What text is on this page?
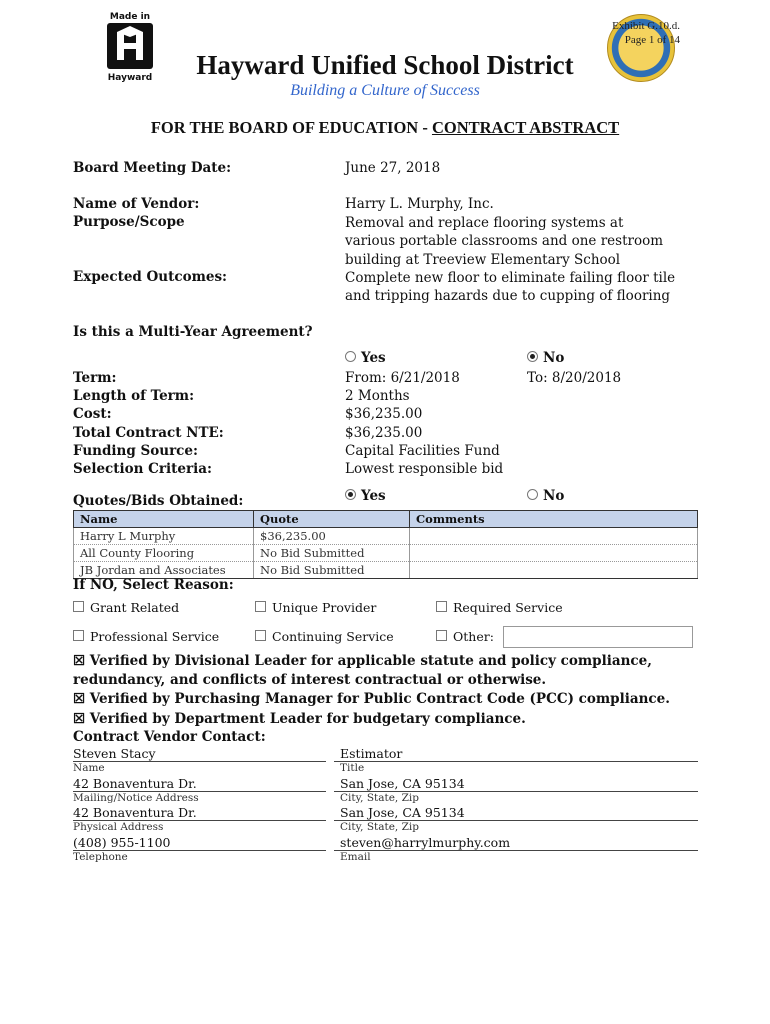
Made in
Hayward
Exhibit G.10.d.
Page 1 of 14
Hayward Unified School District
Building a Culture of Success
FOR THE BOARD OF EDUCATION - CONTRACT ABSTRACT
Board Meeting Date:	June 27, 2018
Name of Vendor:	Harry L. Murphy, Inc.
Purpose/Scope	Removal and replace flooring systems at
various portable classrooms and one restroom
building at Treeview Elementary School
Expected Outcomes:	Complete new floor to eliminate failing floor tile
and tripping hazards due to cupping of flooring
Is this a Multi-Year Agreement?
Yes	No
Term:	From: 6/21/2018	To: 8/20/2018
Length of Term:	2 Months
Cost:	$36,235.00
Total Contract NTE:	$36,235.00
Funding Source:	Capital Facilities Fund
Selection Criteria:	Lowest responsible bid
Yes	No
Quotes/Bids Obtained:
Name	Quote	Comments
Harry L Murphy	$36,235.00	
All County Flooring	No Bid Submitted	
JB Jordan and Associates	No Bid Submitted	
If NO, Select Reason:
Grant Related	Unique Provider	Required Service
Professional Service	Continuing Service	Other:
☒ Verified by Divisional Leader for applicable statute and policy compliance,
redundancy, and conflicts of interest contractual or otherwise.
☒ Verified by Purchasing Manager for Public Contract Code (PCC) compliance.
☒ Verified by Department Leader for budgetary compliance.
Contract Vendor Contact:
Steven Stacy
Name
Estimator
Title
42 Bonaventura Dr.
Mailing/Notice Address
San Jose, CA 95134
City, State, Zip
42 Bonaventura Dr.
Physical Address
San Jose, CA 95134
City, State, Zip
(408) 955-1100
Telephone
steven@harrylmurphy.com
Email
